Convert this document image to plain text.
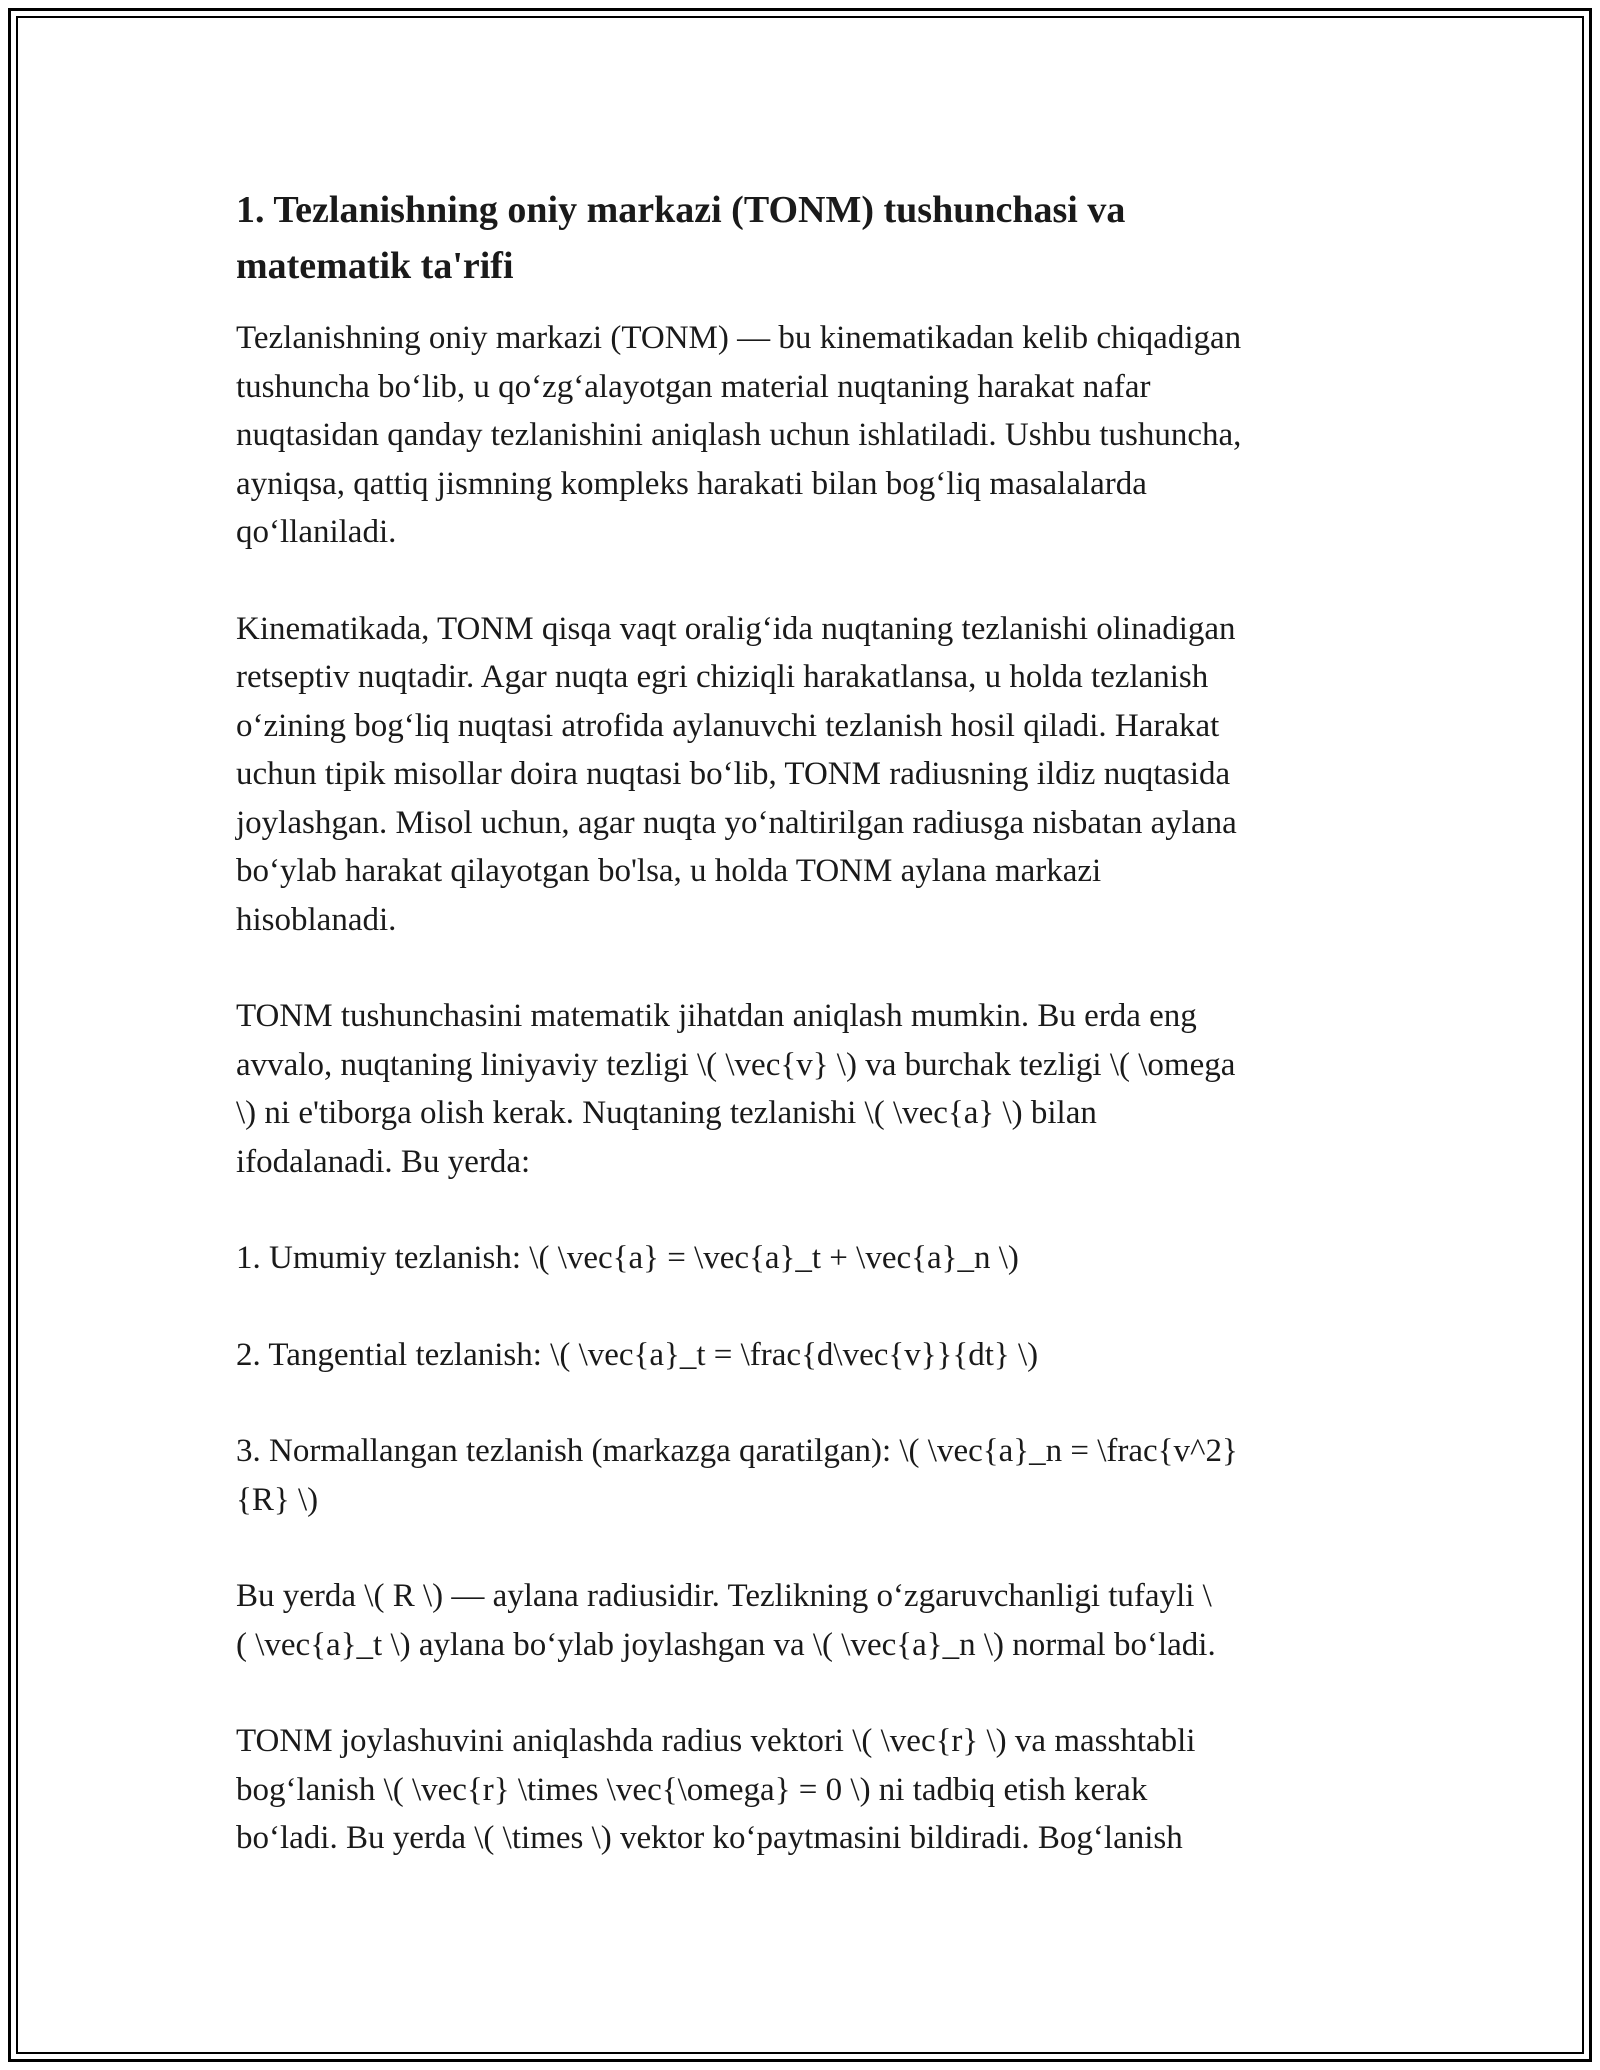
1. Tezlanishning oniy markazi (TONM) tushunchasi va
matematik ta'rifi

Tezlanishning oniy markazi (TONM) — bu kinematikadan kelib chiqadigan
tushuncha bo‘lib, u qo‘zg‘alayotgan material nuqtaning harakat nafar
nuqtasidan qanday tezlanishini aniqlash uchun ishlatiladi. Ushbu tushuncha,
ayniqsa, qattiq jismning kompleks harakati bilan bog‘liq masalalarda
qo‘llaniladi.

Kinematikada, TONM qisqa vaqt oralig‘ida nuqtaning tezlanishi olinadigan
retseptiv nuqtadir. Agar nuqta egri chiziqli harakatlansa, u holda tezlanish
o‘zining bog‘liq nuqtasi atrofida aylanuvchi tezlanish hosil qiladi. Harakat
uchun tipik misollar doira nuqtasi bo‘lib, TONM radiusning ildiz nuqtasida
joylashgan. Misol uchun, agar nuqta yo‘naltirilgan radiusga nisbatan aylana
bo‘ylab harakat qilayotgan bo'lsa, u holda TONM aylana markazi
hisoblanadi.

TONM tushunchasini matematik jihatdan aniqlash mumkin. Bu erda eng
avvalo, nuqtaning liniyaviy tezligi \( \vec{v} \) va burchak tezligi \( \omega
\) ni e'tiborga olish kerak. Nuqtaning tezlanishi \( \vec{a} \) bilan
ifodalanadi. Bu yerda:

1. Umumiy tezlanish: \( \vec{a} = \vec{a}_t + \vec{a}_n \)

2. Tangential tezlanish: \( \vec{a}_t = \frac{d\vec{v}}{dt} \)

3. Normallangan tezlanish (markazga qaratilgan): \( \vec{a}_n = \frac{v^2}
{R} \)

Bu yerda \( R \) — aylana radiusidir. Tezlikning o‘zgaruvchanligi tufayli \
( \vec{a}_t \) aylana bo‘ylab joylashgan va \( \vec{a}_n \) normal bo‘ladi.

TONM joylashuvini aniqlashda radius vektori \( \vec{r} \) va masshtabli
bog‘lanish \( \vec{r} \times \vec{\omega} = 0 \) ni tadbiq etish kerak
bo‘ladi. Bu yerda \( \times \) vektor ko‘paytmasini bildiradi. Bog‘lanish
